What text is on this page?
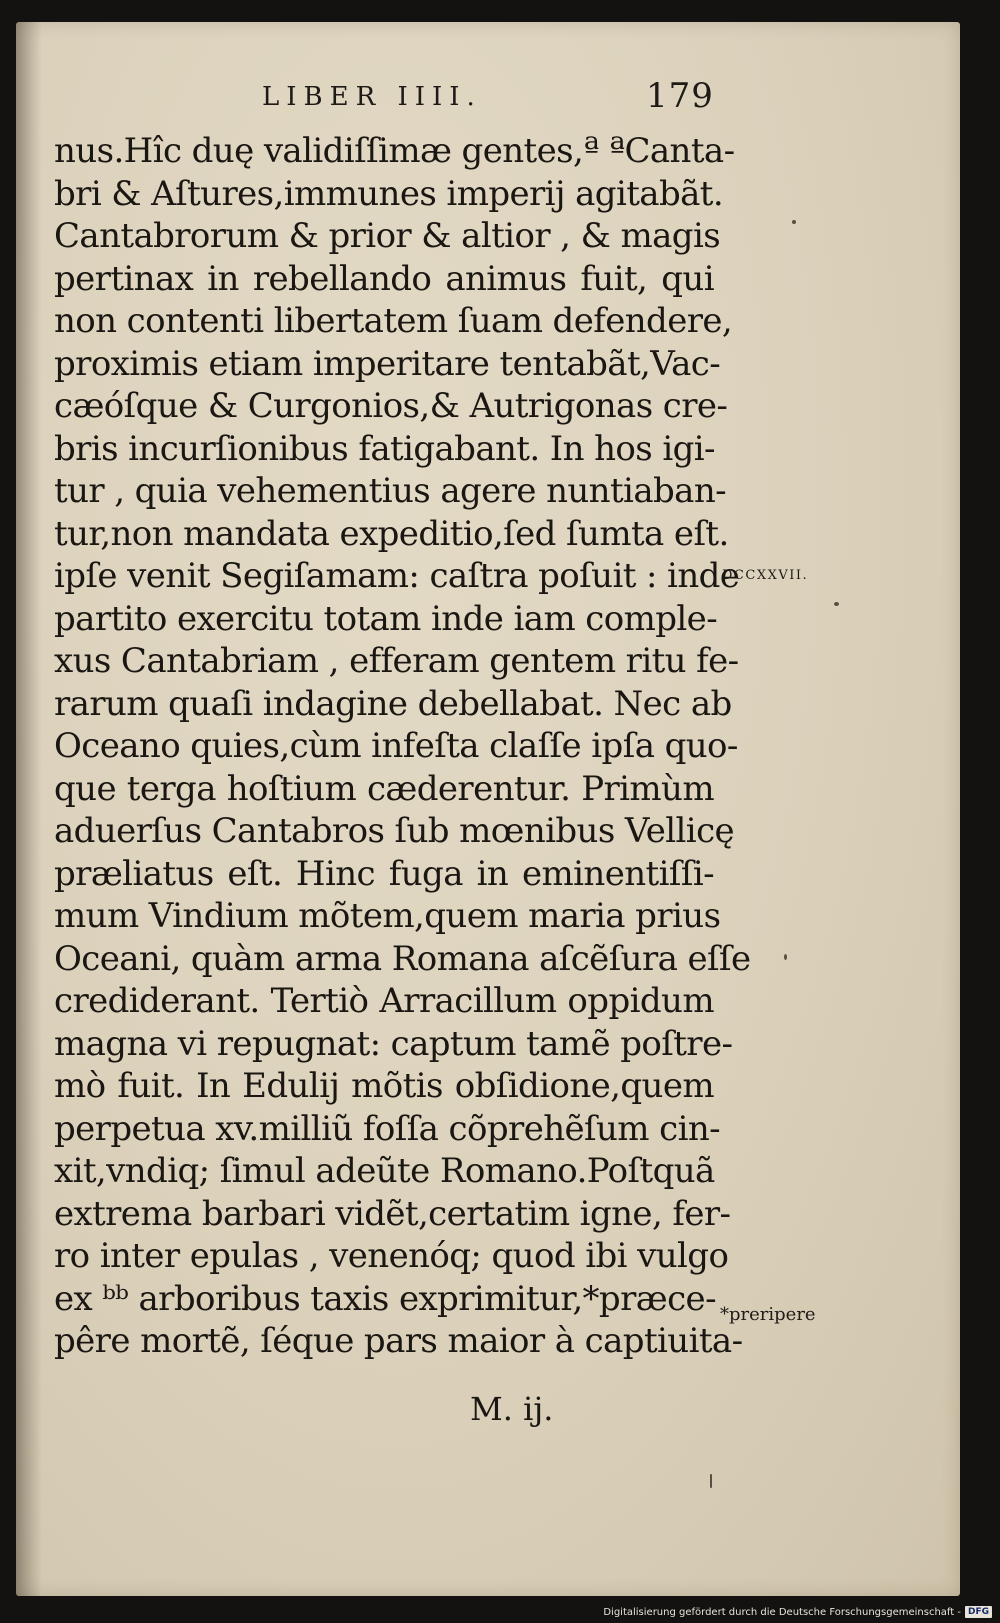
LIBER IIII.	179
nus.Hîc duę validiſſimæ gentes,ª ªCanta-
bri & Aſtures,immunes imperij agitabãt.
Cantabrorum & prior & altior , & magis
pertinax in rebellando animus fuit, qui
non contenti libertatem ſuam defendere,
proximis etiam imperitare tentabãt,Vac-
cæóſque & Curgonios,& Autrigonas cre-
bris incurſionibus fatigabant. In hos igi-
tur , quia vehementius agere nuntiaban-
tur,non mandata expeditio,ſed ſumta eſt.
ipſe venit Segiſamam: caſtra poſuit : inde
partito exercitu totam inde iam comple-
xus Cantabriam , efferam gentem ritu fe-
rarum quaſi indagine debellabat. Nec ab
Oceano quies,cùm infeſta claſſe ipſa quo-
que terga hoſtium cæderentur. Primùm
aduerſus Cantabros ſub mœnibus Vellicę
præliatus eſt. Hinc fuga in eminentiſſi-
mum Vindium mõtem,quem maria prius
Oceani, quàm arma Romana aſcẽſura eſſe
crediderant. Tertiò Arracillum oppidum
magna vi repugnat: captum tamẽ poſtre-
mò fuit. In Edulij mõtis obſidione,quem
perpetua xv.milliũ foſſa cõprehẽſum cin-
xit,vndiq; ſimul adeũte Romano.Poſtquã
extrema barbari vidẽt,certatim igne, fer-
ro inter epulas , venenóq; quod ibi vulgo
ex ᵇᵇ arboribus taxis exprimitur,*præce-
pêre mortẽ, ſéque pars maior à captiuita-
M. ij.
DCCXXVII.
*preripere
Digitalisierung gefördert durch die Deutsche Forschungsgemeinschaft - DFG
